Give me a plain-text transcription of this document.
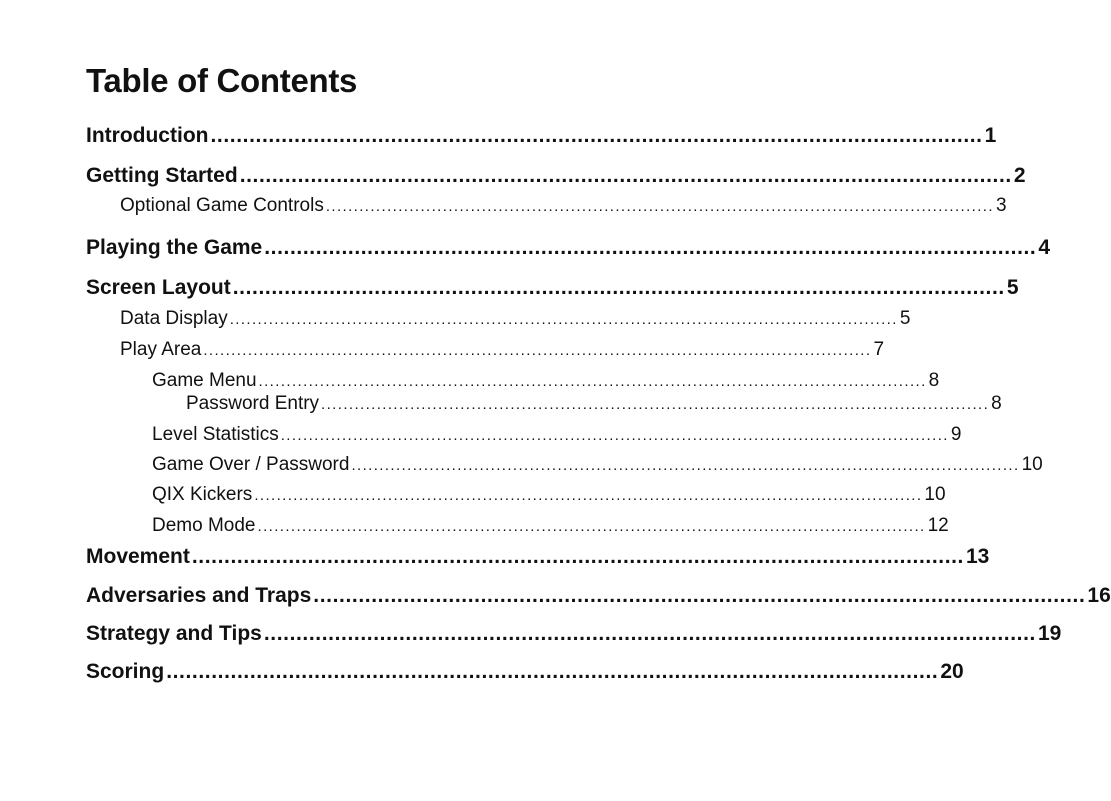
Table of Contents
Introduction ........................................................................................................................ 1
Getting Started ........................................................................................................................ 2
Optional Game Controls ........................................................................................................................ 3
Playing the Game ........................................................................................................................ 4
Screen Layout ........................................................................................................................ 5
Data Display ........................................................................................................................ 5
Play Area ........................................................................................................................ 7
Game Menu ........................................................................................................................ 8
Password Entry ........................................................................................................................ 8
Level Statistics ........................................................................................................................ 9
Game Over / Password ........................................................................................................................ 10
QIX Kickers ........................................................................................................................ 10
Demo Mode ........................................................................................................................ 12
Movement ........................................................................................................................ 13
Adversaries and Traps ........................................................................................................................ 16
Strategy and Tips ........................................................................................................................ 19
Scoring ........................................................................................................................ 20
